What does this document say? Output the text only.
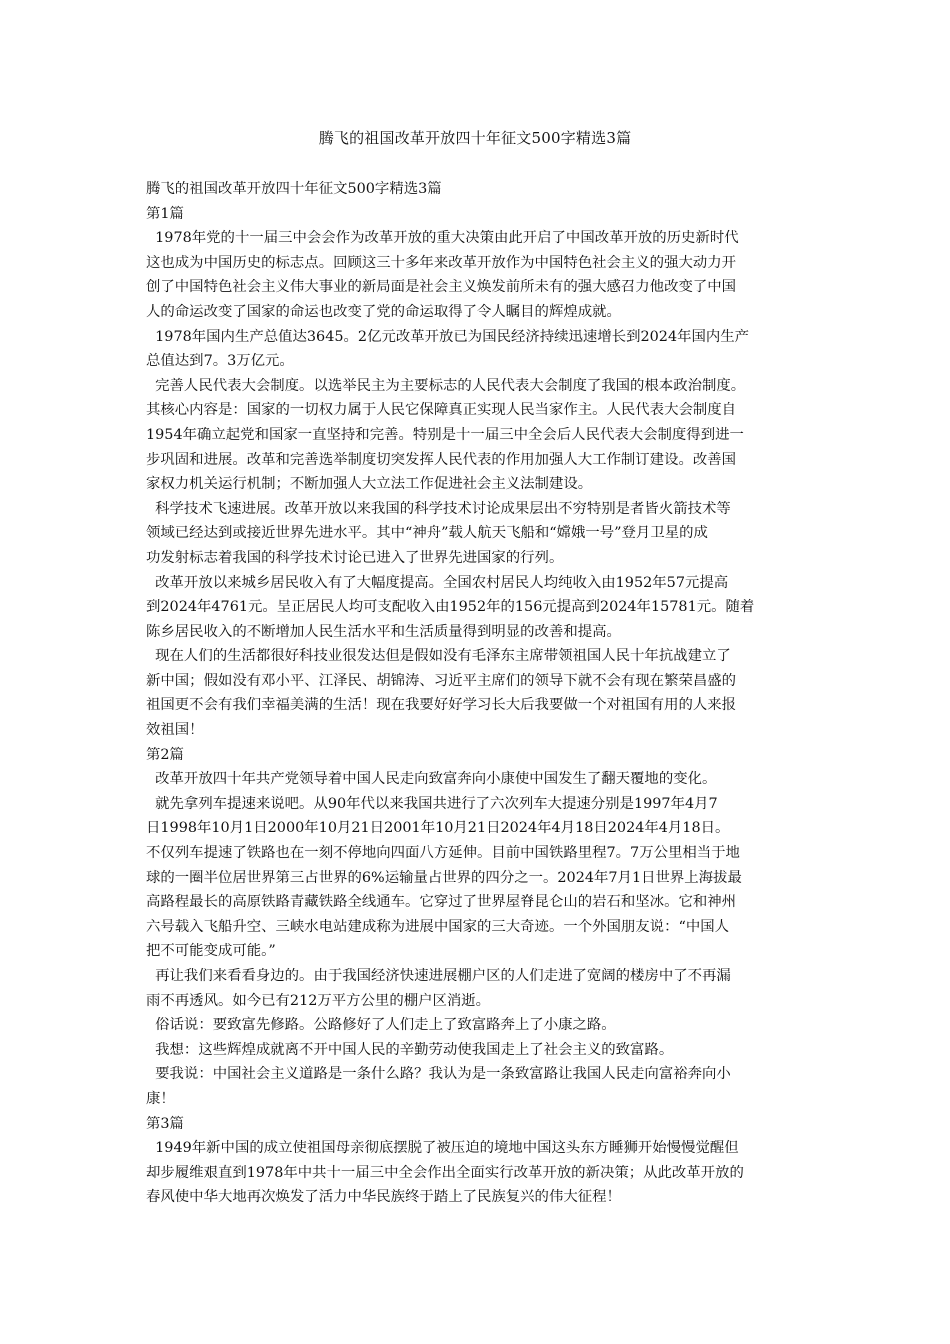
腾飞的祖国改革开放四十年征文500字精选3篇

腾飞的祖国改革开放四十年征文500字精选3篇

第1篇

1978年党的十一届三中会会作为改革开放的重大决策由此开启了中国改革开放的历史新时代

这也成为中国历史的标志点。回顾这三十多年来改革开放作为中国特色社会主义的强大动力开

创了中国特色社会主义伟大事业的新局面是社会主义焕发前所未有的强大感召力他改变了中国

人的命运改变了国家的命运也改变了党的命运取得了令人瞩目的辉煌成就。

1978年国内生产总值达3645。2亿元改革开放已为国民经济持续迅速增长到2024年国内生产

总值达到7。3万亿元。

完善人民代表大会制度。以选举民主为主要标志的人民代表大会制度了我国的根本政治制度。

其核心内容是：国家的一切权力属于人民它保障真正实现人民当家作主。人民代表大会制度自

1954年确立起党和国家一直坚持和完善。特别是十一届三中全会后人民代表大会制度得到进一

步巩固和进展。改革和完善选举制度切突发挥人民代表的作用加强人大工作制订建设。改善国

家权力机关运行机制；不断加强人大立法工作促进社会主义法制建设。

科学技术飞速进展。改革开放以来我国的科学技术讨论成果层出不穷特别是者皆火箭技术等

领域已经达到或接近世界先进水平。其中“神舟”载人航天飞船和“嫦娥一号”登月卫星的成

功发射标志着我国的科学技术讨论已进入了世界先进国家的行列。

改革开放以来城乡居民收入有了大幅度提高。全国农村居民人均纯收入由1952年57元提高

到2024年4761元。呈正居民人均可支配收入由1952年的156元提高到2024年15781元。随着

陈乡居民收入的不断增加人民生活水平和生活质量得到明显的改善和提高。

现在人们的生活都很好科技业很发达但是假如没有毛泽东主席带领祖国人民十年抗战建立了

新中国；假如没有邓小平、江泽民、胡锦涛、习近平主席们的领导下就不会有现在繁荣昌盛的

祖国更不会有我们幸福美满的生活！现在我要好好学习长大后我要做一个对祖国有用的人来报

效祖国！

第2篇

改革开放四十年共产党领导着中国人民走向致富奔向小康使中国发生了翻天覆地的变化。

就先拿列车提速来说吧。从90年代以来我国共进行了六次列车大提速分别是1997年4月7

日1998年10月1日2000年10月21日2001年10月21日2024年4月18日2024年4月18日。

不仅列车提速了铁路也在一刻不停地向四面八方延伸。目前中国铁路里程7。7万公里相当于地

球的一圈半位居世界第三占世界的6%运输量占世界的四分之一。2024年7月1日世界上海拔最

高路程最长的高原铁路青藏铁路全线通车。它穿过了世界屋脊昆仑山的岩石和坚冰。它和神州

六号载入飞船升空、三峡水电站建成称为进展中国家的三大奇迹。一个外国朋友说：“中国人

把不可能变成可能。”

再让我们来看看身边的。由于我国经济快速进展棚户区的人们走进了宽阔的楼房中了不再漏

雨不再透风。如今已有212万平方公里的棚户区消逝。

俗话说：要致富先修路。公路修好了人们走上了致富路奔上了小康之路。

我想：这些辉煌成就离不开中国人民的辛勤劳动使我国走上了社会主义的致富路。

要我说：中国社会主义道路是一条什么路？我认为是一条致富路让我国人民走向富裕奔向小

康！

第3篇

1949年新中国的成立使祖国母亲彻底摆脱了被压迫的境地中国这头东方睡狮开始慢慢觉醒但

却步履维艰直到1978年中共十一届三中全会作出全面实行改革开放的新决策；从此改革开放的

春风使中华大地再次焕发了活力中华民族终于踏上了民族复兴的伟大征程！
